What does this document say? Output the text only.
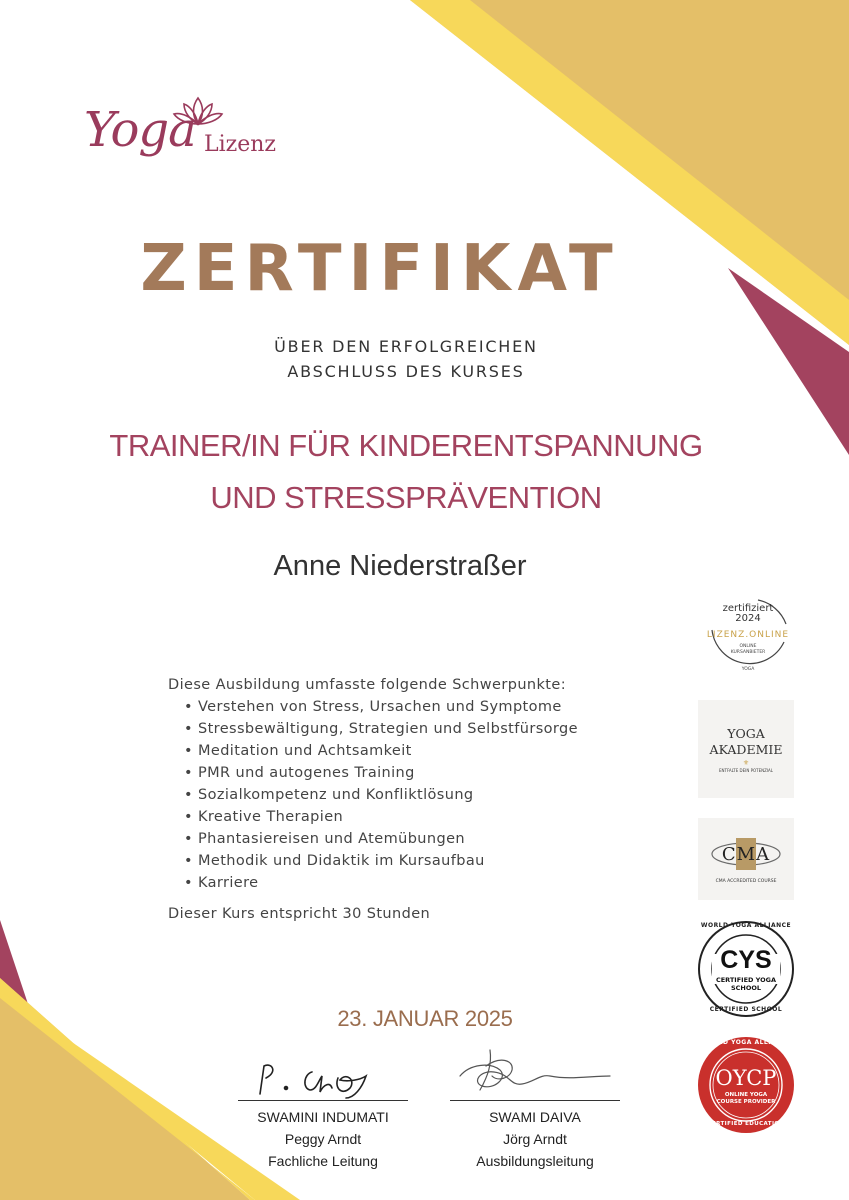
Yoga Lizenz
ZERTIFIKAT
ÜBER DEN ERFOLGREICHEN
ABSCHLUSS DES KURSES
TRAINER/IN FÜR KINDERENTSPANNUNG
UND STRESSPRÄVENTION
Anne Niederstraßer
Diese Ausbildung umfasste folgende Schwerpunkte:
• Verstehen von Stress, Ursachen und Symptome
• Stressbewältigung, Strategien und Selbstfürsorge
• Meditation und Achtsamkeit
• PMR und autogenes Training
• Sozialkompetenz und Konfliktlösung
• Kreative Therapien
• Phantasiereisen und Atemübungen
• Methodik und Didaktik im Kursaufbau
• Karriere
Dieser Kurs entspricht 30 Stunden
23. JANUAR 2025
SWAMINI INDUMATI
Peggy Arndt
Fachliche Leitung
SWAMI DAIVA
Jörg Arndt
Ausbildungsleitung
zertifiziert
2024
LIZENZ.ONLINE
ONLINE
KURSANBIETER
YOGA
YOGA
AKADEMIE
⚜
ENTFALTE DEIN POTENZIAL
CMA
CMA ACCREDITED COURSE
WORLD YOGA ALLIANCE
CYS
CERTIFIED YOGA
SCHOOL
CERTIFIED SCHOOL
WORLD YOGA ALLIANCE
OYCP
ONLINE YOGA
COURSE PROVIDER
CERTIFIED EDUCATION
